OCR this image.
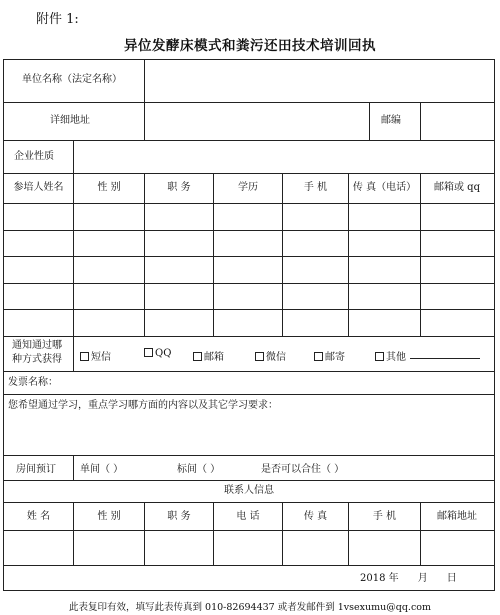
附件 1:
异位发酵床模式和粪污还田技术培训回执
单位名称（法定名称）
详细地址	邮编
企业性质
参培人姓名	性 别	职 务	学历	手 机	传 真（电话）	邮箱或 qq
通知通过哪
种方式获得	短信	QQ	邮箱	微信	邮寄	其他
发票名称：
您希望通过学习，重点学习哪方面的内容以及其它学习要求：
房间预订 单间（ ）	标间（ ）	是否可以合住（ ）
联系人信息
姓 名	性 别	职 务	电 话	传 真	手 机	邮箱地址
2018 年      月      日
此表复印有效，填写此表传真到 010-82694437 或者发邮件到 1vsexumu@qq.com
